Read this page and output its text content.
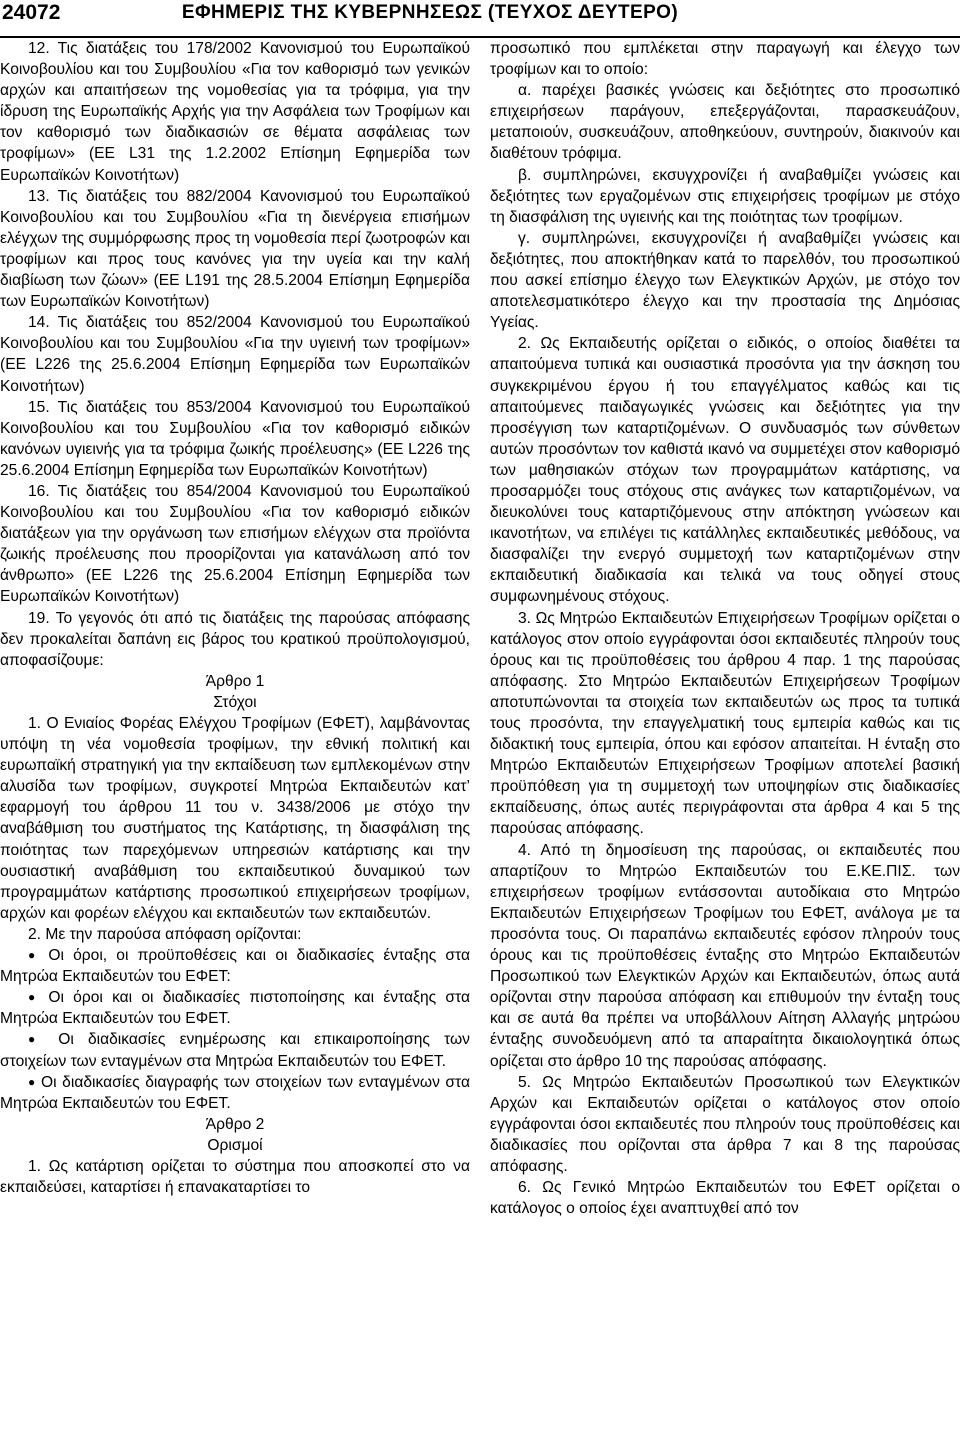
24072	ΕΦΗΜΕΡΙΣ ΤΗΣ ΚΥΒΕΡΝΗΣΕΩΣ (ΤΕΥΧΟΣ ΔΕΥΤΕΡΟ)

12. Τις διατάξεις του 178/2002 Κανονισμού του Ευρωπαϊκού Κοινοβουλίου και του Συμβουλίου «Για τον καθορισμό των γενικών αρχών και απαιτήσεων της νομοθεσίας για τα τρόφιμα, για την ίδρυση της Ευρωπαϊκής Αρχής για την Ασφάλεια των Τροφίμων και τον καθορισμό των διαδικασιών σε θέματα ασφάλειας των τροφίμων» (ΕΕ L31 της 1.2.2002 Επίσημη Εφημερίδα των Ευρωπαϊκών Κοινοτήτων)

13. Τις διατάξεις του 882/2004 Κανονισμού του Ευρωπαϊκού Κοινοβουλίου και του Συμβουλίου «Για τη διενέργεια επισήμων ελέγχων της συμμόρφωσης προς τη νομοθεσία περί ζωοτροφών και τροφίμων και προς τους κανόνες για την υγεία και την καλή διαβίωση των ζώων» (ΕΕ L191 της 28.5.2004 Επίσημη Εφημερίδα των Ευρωπαϊκών Κοινοτήτων)

14. Τις διατάξεις του 852/2004 Κανονισμού του Ευρωπαϊκού Κοινοβουλίου και του Συμβουλίου «Για την υγιεινή των τροφίμων» (ΕΕ L226 της 25.6.2004 Επίσημη Εφημερίδα των Ευρωπαϊκών Κοινοτήτων)

15. Τις διατάξεις του 853/2004 Κανονισμού του Ευρωπαϊκού Κοινοβουλίου και του Συμβουλίου «Για τον καθορισμό ειδικών κανόνων υγιεινής για τα τρόφιμα ζωικής προέλευσης» (ΕΕ L226 της 25.6.2004 Επίσημη Εφημερίδα των Ευρωπαϊκών Κοινοτήτων)

16. Τις διατάξεις του 854/2004 Κανονισμού του Ευρωπαϊκού Κοινοβουλίου και του Συμβουλίου «Για τον καθορισμό ειδικών διατάξεων για την οργάνωση των επισήμων ελέγχων στα προϊόντα ζωικής προέλευσης που προορίζονται για κατανάλωση από τον άνθρωπο» (ΕΕ L226 της 25.6.2004 Επίσημη Εφημερίδα των Ευρωπαϊκών Κοινοτήτων)

19. Το γεγονός ότι από τις διατάξεις της παρούσας απόφασης δεν προκαλείται δαπάνη εις βάρος του κρατικού προϋπολογισμού, αποφασίζουμε:

Άρθρο 1

Στόχοι

1. Ο Ενιαίος Φορέας Ελέγχου Τροφίμων (ΕΦΕΤ), λαμβάνοντας υπόψη τη νέα νομοθεσία τροφίμων, την εθνική πολιτική και ευρωπαϊκή στρατηγική για την εκπαίδευση των εμπλεκομένων στην αλυσίδα των τροφίμων, συγκροτεί Μητρώα Εκπαιδευτών κατ’ εφαρμογή του άρθρου 11 του ν. 3438/2006 με στόχο την αναβάθμιση του συστήματος της Κατάρτισης, τη διασφάλιση της ποιότητας των παρεχόμενων υπηρεσιών κατάρτισης και την ουσιαστική αναβάθμιση του εκπαιδευτικού δυναμικού των προγραμμάτων κατάρτισης προσωπικού επιχειρήσεων τροφίμων, αρχών και φορέων ελέγχου και εκπαιδευτών των εκπαιδευτών.

2. Με την παρούσα απόφαση ορίζονται:

● Οι όροι, οι προϋποθέσεις και οι διαδικασίες ένταξης στα Μητρώα Εκπαιδευτών του ΕΦΕΤ:

● Οι όροι και οι διαδικασίες πιστοποίησης και ένταξης στα Μητρώα Εκπαιδευτών του ΕΦΕΤ.

● Οι διαδικασίες ενημέρωσης και επικαιροποίησης των στοιχείων των ενταγμένων στα Μητρώα Εκπαιδευτών του ΕΦΕΤ.

● Οι διαδικασίες διαγραφής των στοιχείων των ενταγμένων στα Μητρώα Εκπαιδευτών του ΕΦΕΤ.

Άρθρο 2

Ορισμοί

1. Ως κατάρτιση ορίζεται το σύστημα που αποσκοπεί στο να εκπαιδεύσει, καταρτίσει ή επανακαταρτίσει το

προσωπικό που εμπλέκεται στην παραγωγή και έλεγχο των τροφίμων και το οποίο:

α. παρέχει βασικές γνώσεις και δεξιότητες στο προσωπικό επιχειρήσεων παράγουν, επεξεργάζονται, παρασκευάζουν, μεταποιούν, συσκευάζουν, αποθηκεύουν, συντηρούν, διακινούν και διαθέτουν τρόφιμα.

β. συμπληρώνει, εκσυγχρονίζει ή αναβαθμίζει γνώσεις και δεξιότητες των εργαζομένων στις επιχειρήσεις τροφίμων με στόχο τη διασφάλιση της υγιεινής και της ποιότητας των τροφίμων.

γ. συμπληρώνει, εκσυγχρονίζει ή αναβαθμίζει γνώσεις και δεξιότητες, που αποκτήθηκαν κατά το παρελθόν, του προσωπικού που ασκεί επίσημο έλεγχο των Ελεγκτικών Αρχών, με στόχο τον αποτελεσματικότερο έλεγχο και την προστασία της Δημόσιας Υγείας.

2. Ως Εκπαιδευτής ορίζεται ο ειδικός, ο οποίος διαθέτει τα απαιτούμενα τυπικά και ουσιαστικά προσόντα για την άσκηση του συγκεκριμένου έργου ή του επαγγέλματος καθώς και τις απαιτούμενες παιδαγωγικές γνώσεις και δεξιότητες για την προσέγγιση των καταρτιζομένων. Ο συνδυασμός των σύνθετων αυτών προσόντων τον καθιστά ικανό να συμμετέχει στον καθορισμό των μαθησιακών στόχων των προγραμμάτων κατάρτισης, να προσαρμόζει τους στόχους στις ανάγκες των καταρτιζομένων, να διευκολύνει τους καταρτιζόμενους στην απόκτηση γνώσεων και ικανοτήτων, να επιλέγει τις κατάλληλες εκπαιδευτικές μεθόδους, να διασφαλίζει την ενεργό συμμετοχή των καταρτιζομένων στην εκπαιδευτική διαδικασία και τελικά να τους οδηγεί στους συμφωνημένους στόχους.

3. Ως Μητρώο Εκπαιδευτών Επιχειρήσεων Τροφίμων ορίζεται ο κατάλογος στον οποίο εγγράφονται όσοι εκπαιδευτές πληρούν τους όρους και τις προϋποθέσεις του άρθρου 4 παρ. 1 της παρούσας απόφασης. Στο Μητρώο Εκπαιδευτών Επιχειρήσεων Τροφίμων αποτυπώνονται τα στοιχεία των εκπαιδευτών ως προς τα τυπικά τους προσόντα, την επαγγελματική τους εμπειρία καθώς και τις διδακτική τους εμπειρία, όπου και εφόσον απαιτείται. Η ένταξη στο Μητρώο Εκπαιδευτών Επιχειρήσεων Τροφίμων αποτελεί βασική προϋπόθεση για τη συμμετοχή των υποψηφίων στις διαδικασίες εκπαίδευσης, όπως αυτές περιγράφονται στα άρθρα 4 και 5 της παρούσας απόφασης.

4. Από τη δημοσίευση της παρούσας, οι εκπαιδευτές που απαρτίζουν το Μητρώο Εκπαιδευτών του Ε.ΚΕ.ΠΙΣ. των επιχειρήσεων τροφίμων εντάσσονται αυτοδίκαια στο Μητρώο Εκπαιδευτών Επιχειρήσεων Τροφίμων του ΕΦΕΤ, ανάλογα με τα προσόντα τους. Οι παραπάνω εκπαιδευτές εφόσον πληρούν τους όρους και τις προϋποθέσεις ένταξης στο Μητρώο Εκπαιδευτών Προσωπικού των Ελεγκτικών Αρχών και Εκπαιδευτών, όπως αυτά ορίζονται στην παρούσα απόφαση και επιθυμούν την ένταξη τους και σε αυτά θα πρέπει να υποβάλλουν Αίτηση Αλλαγής μητρώου ένταξης συνοδευόμενη από τα απαραίτητα δικαιολογητικά όπως ορίζεται στο άρθρο 10 της παρούσας απόφασης.

5. Ως Μητρώο Εκπαιδευτών Προσωπικού των Ελεγκτικών Αρχών και Εκπαιδευτών ορίζεται ο κατάλογος στον οποίο εγγράφονται όσοι εκπαιδευτές που πληρούν τους προϋποθέσεις και διαδικασίες που ορίζονται στα άρθρα 7 και 8 της παρούσας απόφασης.

6. Ως Γενικό Μητρώο Εκπαιδευτών του ΕΦΕΤ ορίζεται ο κατάλογος ο οποίος έχει αναπτυχθεί από τον
